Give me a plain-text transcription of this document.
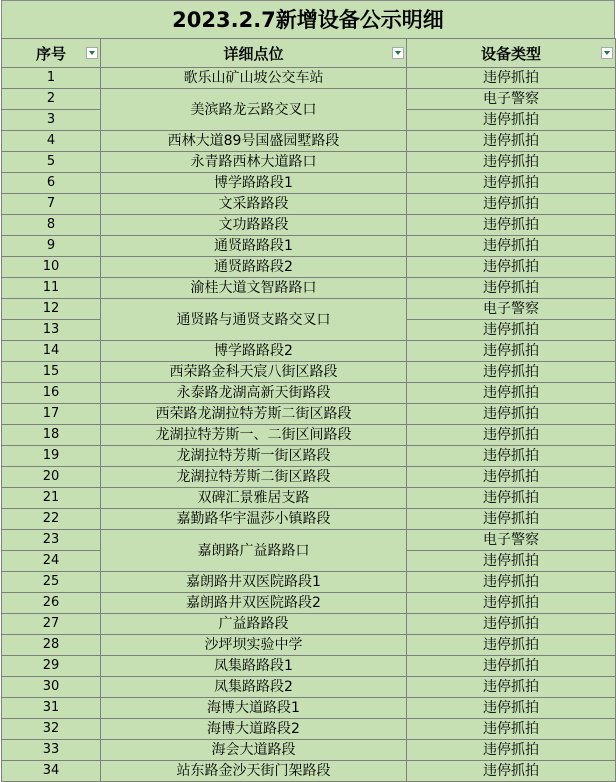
2023.2.7新增设备公示明细
序号	详细点位	设备类型

1	歌乐山矿山坡公交车站	违停抓拍
2	美滨路龙云路交叉口	电子警察
3		违停抓拍
4	西林大道89号国盛园墅路段	违停抓拍
5	永青路西林大道路口	违停抓拍
6	博学路路段1	违停抓拍
7	文采路路段	违停抓拍
8	文功路路段	违停抓拍
9	通贤路路段1	违停抓拍
10	通贤路路段2	违停抓拍
11	渝桂大道文智路路口	违停抓拍
12	通贤路与通贤支路交叉口	电子警察
13		违停抓拍
14	博学路路段2	违停抓拍
15	西荣路金科天宸八街区路段	违停抓拍
16	永泰路龙湖高新天街路段	违停抓拍
17	西荣路龙湖拉特芳斯二街区路段	违停抓拍
18	龙湖拉特芳斯一、二街区间路段	违停抓拍
19	龙湖拉特芳斯一街区路段	违停抓拍
20	龙湖拉特芳斯二街区路段	违停抓拍
21	双碑汇景雅居支路	违停抓拍
22	嘉勤路华宇温莎小镇路段	违停抓拍
23	嘉朗路广益路路口	电子警察
24		违停抓拍
25	嘉朗路井双医院路段1	违停抓拍
26	嘉朗路井双医院路段2	违停抓拍
27	广益路路段	违停抓拍
28	沙坪坝实验中学	违停抓拍
29	凤集路路段1	违停抓拍
30	凤集路路段2	违停抓拍
31	海博大道路段1	违停抓拍
32	海博大道路段2	违停抓拍
33	海会大道路段	违停抓拍
34	站东路金沙天街门架路段	违停抓拍
